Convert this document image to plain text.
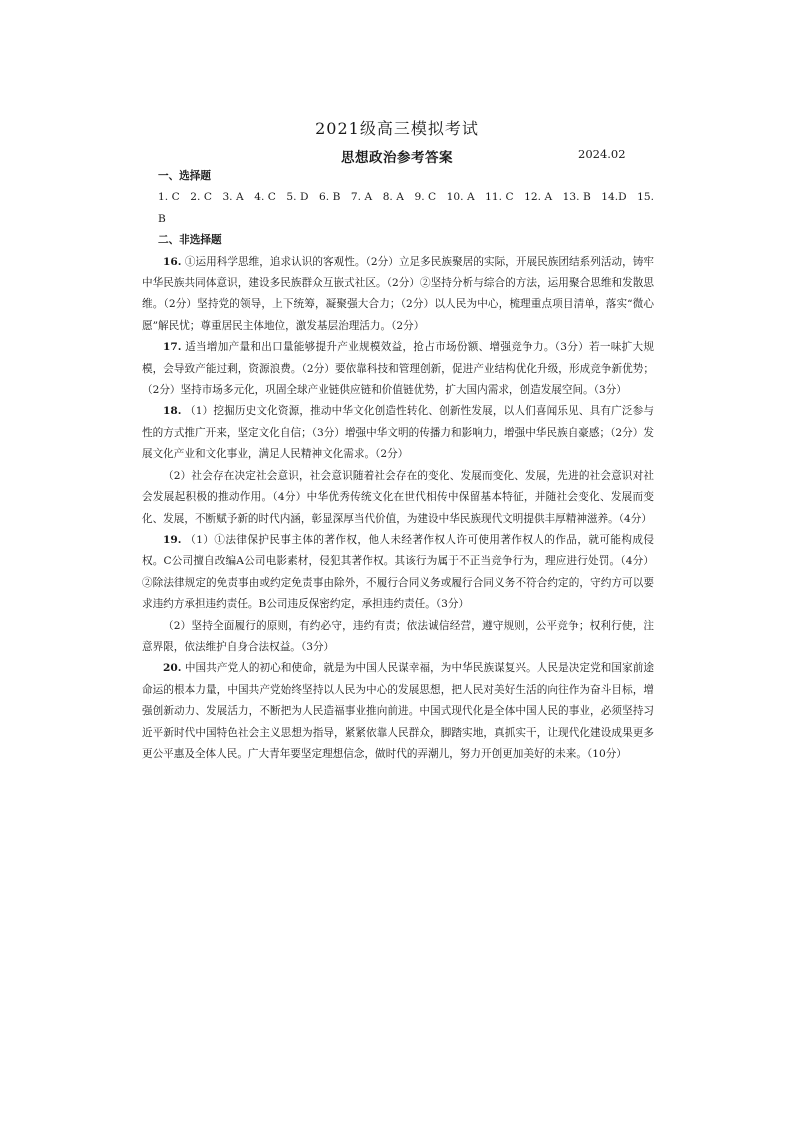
2021级高三模拟考试
思想政治参考答案	2024.02

一、选择题

1. C 2. C 3. A 4. C 5. D 6. B 7. A 8. A 9. C 10. A 11. C 12. A 13. B 14.D 15. B

二、非选择题

16. ①运用科学思维，追求认识的客观性。（2分）立足多民族聚居的实际，开展民族团结系列活动，铸牢中华民族共同体意识，建设多民族群众互嵌式社区。（2分）②坚持分析与综合的方法，运用聚合思维和发散思维。（2分）坚持党的领导，上下统筹，凝聚强大合力；（2分）以人民为中心，梳理重点项目清单，落实“微心愿”解民忧；尊重居民主体地位，激发基层治理活力。（2分）

17. 适当增加产量和出口量能够提升产业规模效益，抢占市场份额、增强竞争力。（3分）若一味扩大规模，会导致产能过剩，资源浪费。（2分）要依靠科技和管理创新，促进产业结构优化升级，形成竞争新优势；（2分）坚持市场多元化，巩固全球产业链供应链和价值链优势，扩大国内需求，创造发展空间。（3分）

18. （1）挖掘历史文化资源，推动中华文化创造性转化、创新性发展，以人们喜闻乐见、具有广泛参与性的方式推广开来，坚定文化自信；（3分）增强中华文明的传播力和影响力，增强中华民族自豪感；（2分）发展文化产业和文化事业，满足人民精神文化需求。（2分）

（2）社会存在决定社会意识，社会意识随着社会存在的变化、发展而变化、发展，先进的社会意识对社会发展起积极的推动作用。（4分）中华优秀传统文化在世代相传中保留基本特征，并随社会变化、发展而变化、发展，不断赋予新的时代内涵，彰显深厚当代价值，为建设中华民族现代文明提供丰厚精神滋养。（4分）

19. （1）①法律保护民事主体的著作权，他人未经著作权人许可使用著作权人的作品，就可能构成侵权。C公司擅自改编A公司电影素材，侵犯其著作权。其该行为属于不正当竞争行为，理应进行处罚。（4分）②除法律规定的免责事由或约定免责事由除外，不履行合同义务或履行合同义务不符合约定的，守约方可以要求违约方承担违约责任。B公司违反保密约定，承担违约责任。（3分）

（2）坚持全面履行的原则，有约必守，违约有责；依法诚信经营，遵守规则，公平竞争；权利行使，注意界限，依法维护自身合法权益。（3分）

20. 中国共产党人的初心和使命，就是为中国人民谋幸福，为中华民族谋复兴。人民是决定党和国家前途命运的根本力量，中国共产党始终坚持以人民为中心的发展思想，把人民对美好生活的向往作为奋斗目标，增强创新动力、发展活力，不断把为人民造福事业推向前进。中国式现代化是全体中国人民的事业，必须坚持习近平新时代中国特色社会主义思想为指导，紧紧依靠人民群众，脚踏实地，真抓实干，让现代化建设成果更多更公平惠及全体人民。广大青年要坚定理想信念，做时代的弄潮儿，努力开创更加美好的未来。（10分）
